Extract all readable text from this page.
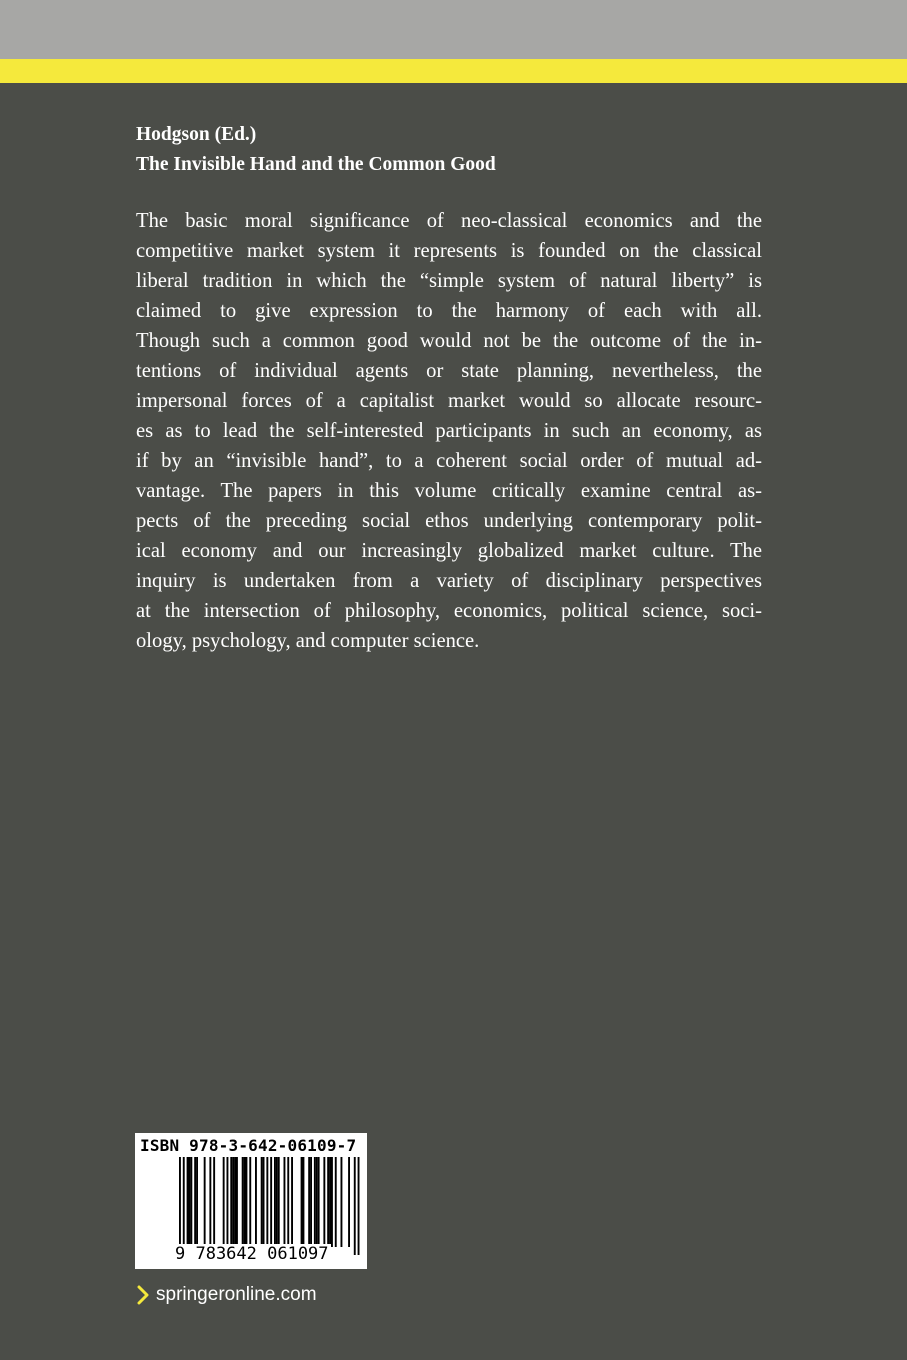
Hodgson (Ed.)
The Invisible Hand and the Common Good
The basic moral significance of neo-classical economics and the
competitive market system it represents is founded on the classical
liberal tradition in which the “simple system of natural liberty” is
claimed to give expression to the harmony of each with all.
Though such a common good would not be the outcome of the in-
tentions of individual agents or state planning, nevertheless, the
impersonal forces of a capitalist market would so allocate resourc-
es as to lead the self-interested participants in such an economy, as
if by an “invisible hand”, to a coherent social order of mutual ad-
vantage. The papers in this volume critically examine central as-
pects of the preceding social ethos underlying contemporary polit-
ical economy and our increasingly globalized market culture. The
inquiry is undertaken from a variety of disciplinary perspectives
at the intersection of philosophy, economics, political science, soci-
ology, psychology, and computer science.
ISBN 978-3-642-06109-7
9 783642 061097
springeronline.com
